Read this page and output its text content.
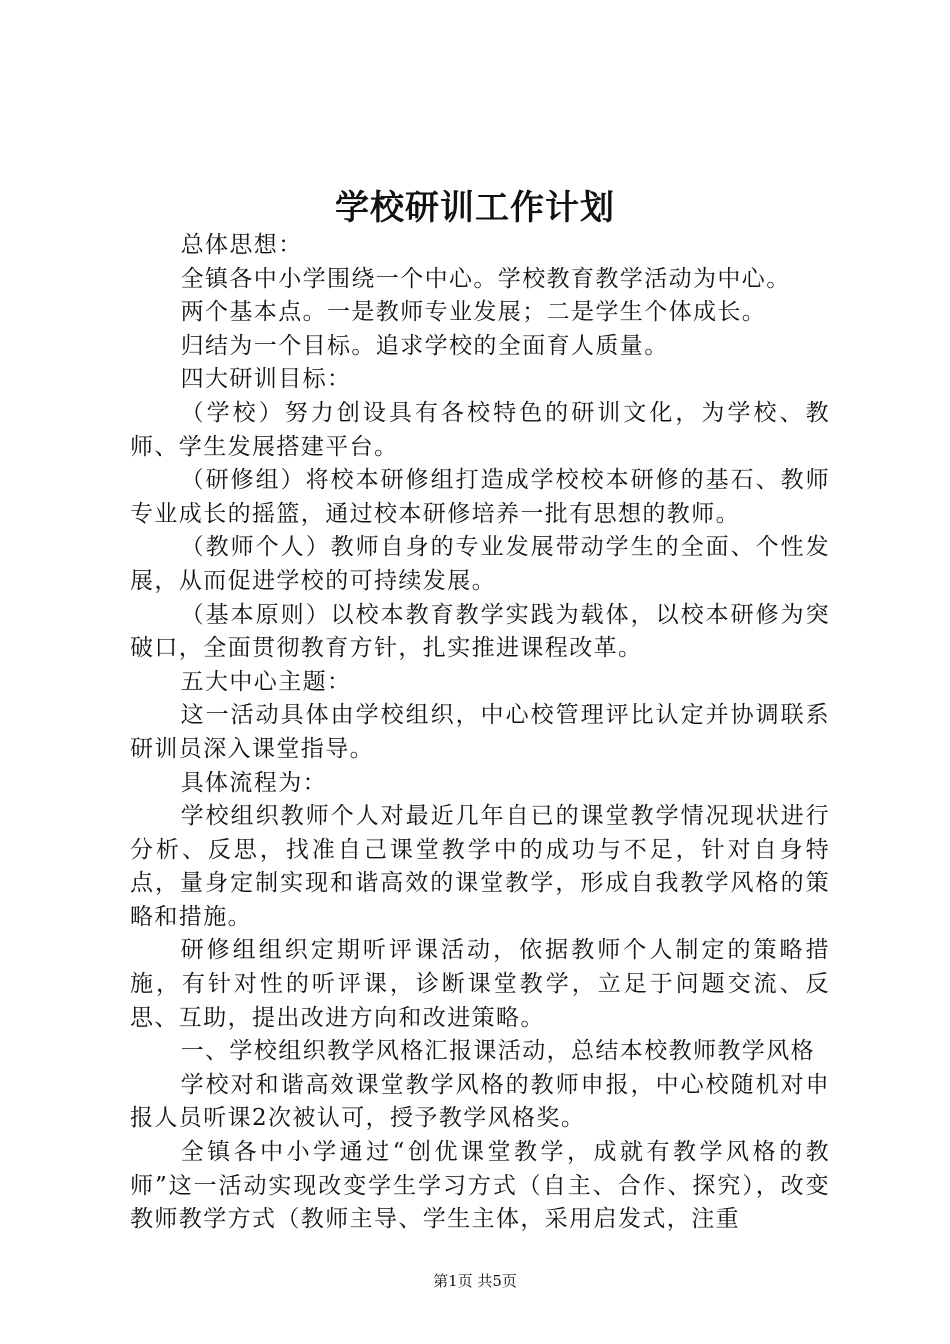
学校研训工作计划

总体思想：

全镇各中小学围绕一个中心。学校教育教学活动为中心。

两个基本点。一是教师专业发展；二是学生个体成长。

归结为一个目标。追求学校的全面育人质量。

四大研训目标：

（学校）努力创设具有各校特色的研训文化，为学校、教师、学生发展搭建平台。

（研修组）将校本研修组打造成学校校本研修的基石、教师专业成长的摇篮，通过校本研修培养一批有思想的教师。

（教师个人）教师自身的专业发展带动学生的全面、个性发展，从而促进学校的可持续发展。

（基本原则）以校本教育教学实践为载体，以校本研修为突破口，全面贯彻教育方针，扎实推进课程改革。

五大中心主题：

这一活动具体由学校组织，中心校管理评比认定并协调联系研训员深入课堂指导。

具体流程为：

学校组织教师个人对最近几年自已的课堂教学情况现状进行分析、反思，找准自己课堂教学中的成功与不足，针对自身特点，量身定制实现和谐高效的课堂教学，形成自我教学风格的策略和措施。

研修组组织定期听评课活动，依据教师个人制定的策略措施，有针对性的听评课，诊断课堂教学，立足于问题交流、反思、互助，提出改进方向和改进策略。

一、学校组织教学风格汇报课活动，总结本校教师教学风格

学校对和谐高效课堂教学风格的教师申报，中心校随机对申报人员听课2次被认可，授予教学风格奖。

全镇各中小学通过“创优课堂教学，成就有教学风格的教师”这一活动实现改变学生学习方式（自主、合作、探究），改变教师教学方式（教师主导、学生主体，采用启发式，注重

第1页 共5页
